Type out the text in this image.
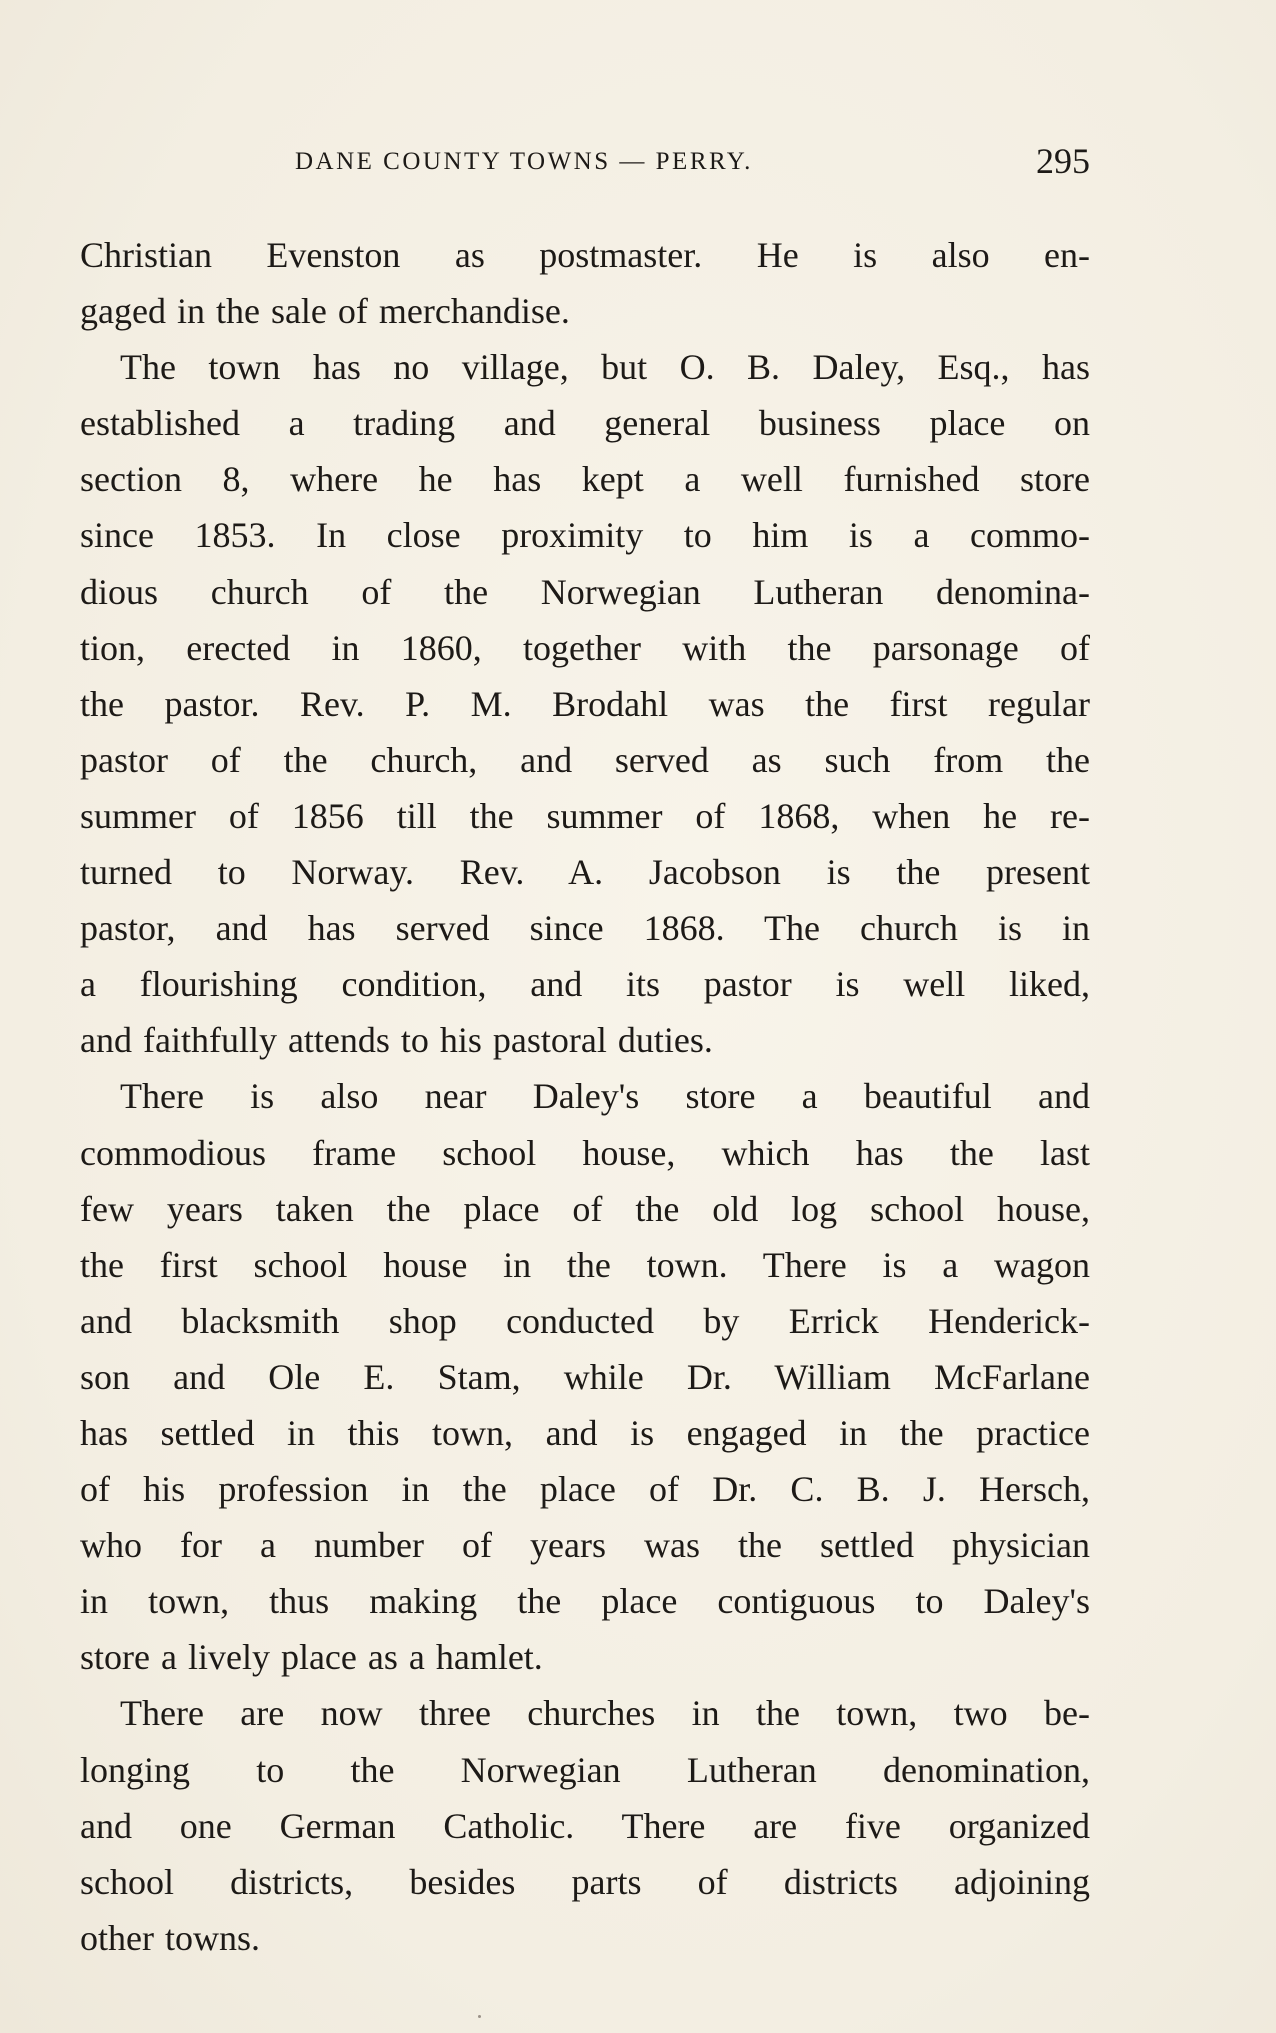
DANE COUNTY TOWNS — PERRY.	295
Christian Evenston as postmaster. He is also en-
gaged in the sale of merchandise.
The town has no village, but O. B. Daley, Esq., has
established a trading and general business place on
section 8, where he has kept a well furnished store
since 1853. In close proximity to him is a commo-
dious church of the Norwegian Lutheran denomina-
tion, erected in 1860, together with the parsonage of
the pastor. Rev. P. M. Brodahl was the first regular
pastor of the church, and served as such from the
summer of 1856 till the summer of 1868, when he re-
turned to Norway. Rev. A. Jacobson is the present
pastor, and has served since 1868. The church is in
a flourishing condition, and its pastor is well liked,
and faithfully attends to his pastoral duties.
There is also near Daley's store a beautiful and
commodious frame school house, which has the last
few years taken the place of the old log school house,
the first school house in the town. There is a wagon
and blacksmith shop conducted by Errick Henderick-
son and Ole E. Stam, while Dr. William McFarlane
has settled in this town, and is engaged in the practice
of his profession in the place of Dr. C. B. J. Hersch,
who for a number of years was the settled physician
in town, thus making the place contiguous to Daley's
store a lively place as a hamlet.
There are now three churches in the town, two be-
longing to the Norwegian Lutheran denomination,
and one German Catholic. There are five organized
school districts, besides parts of districts adjoining
other towns.
